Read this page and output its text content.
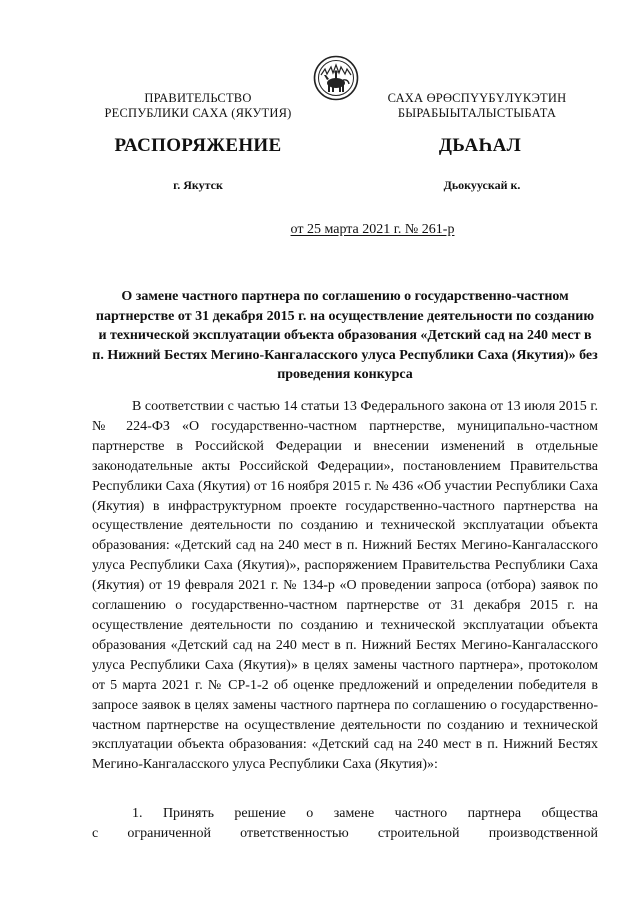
ПРАВИТЕЛЬСТВО
РЕСПУБЛИКИ САХА (ЯКУТИЯ)
САХА ӨРӨСПҮҮБҮЛҮКЭТИН
БЫРАБЫЫТАЛЫСТЫБАТА
РАСПОРЯЖЕНИЕ	ДЬАҺАЛ
г. Якутск	Дьокуускай к.
от 25 марта 2021 г. № 261-р
О замене частного партнера по соглашению о государственно-частном партнерстве от 31 декабря 2015 г. на осуществление деятельности по созданию и технической эксплуатации объекта образования «Детский сад на 240 мест в п. Нижний Бестях Мегино-Кангаласского улуса Республики Саха (Якутия)» без проведения конкурса

В соответствии с частью 14 статьи 13 Федерального закона от 13 июля 2015 г. № 224-ФЗ «О государственно-частном партнерстве, муниципально-частном партнерстве в Российской Федерации и внесении изменений в отдельные законодательные акты Российской Федерации», постановлением Правительства Республики Саха (Якутия) от 16 ноября 2015 г. № 436 «Об участии Республики Саха (Якутия) в инфраструктурном проекте государственно-частного партнерства на осуществление деятельности по созданию и технической эксплуатации объекта образования: «Детский сад на 240 мест в п. Нижний Бестях Мегино-Кангаласского улуса Республики Саха (Якутия)», распоряжением Правительства Республики Саха (Якутия) от 19 февраля 2021 г. № 134-р «О проведении запроса (отбора) заявок по соглашению о государственно-частном партнерстве от 31 декабря 2015 г. на осуществление деятельности по созданию и технической эксплуатации объекта образования «Детский сад на 240 мест в п. Нижний Бестях Мегино-Кангаласского улуса Республики Саха (Якутия)» в целях замены частного партнера», протоколом от 5 марта 2021 г. № СР-1-2 об оценке предложений и определении победителя в запросе заявок в целях замены частного партнера по соглашению о государственно-частном партнерстве на осуществление деятельности по созданию и технической эксплуатации объекта образования: «Детский сад на 240 мест в п. Нижний Бестях Мегино-Кангаласского улуса Республики Саха (Якутия)»:

1. Принять решение о замене частного партнера общества
с ограниченной ответственностью строительной производственной
